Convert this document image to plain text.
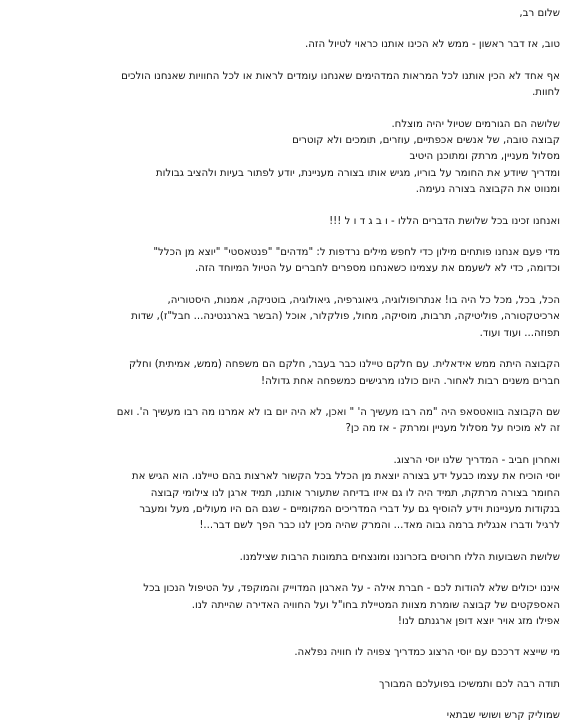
שלום רב,
טוב, אז דבר ראשון - ממש לא הכינו אותנו כראוי לטיול הזה.
אף אחד לא הכין אותנו לכל המראות המדהימים שאנחנו עומדים לראות או לכל החוויות שאנחנו הולכים
לחוות.
שלושה הם הגורמים שטיול יהיה מוצלח.
קבוצה טובה, של אנשים אכפתיים, עוזרים, תומכים ולא קוטרים
מסלול מעניין, מרתק ומתוכנן היטיב
ומדריך שיודע את החומר על בוריו, מגיש אותו בצורה מעניינת, יודע לפתור בעיות ולהציב גבולות
ומנווט את הקבוצה בצורה נעימה.
ואנחנו זכינו בכל שלושת הדברים הללו - ו ב ג ד ו ל !!!
מדי פעם אנחנו פותחים מילון כדי לחפש מילים נרדפות ל: "מדהים" "פנטאסטי" "יוצא מן הכלל"
וכדומה, כדי לא לשעמם את עצמינו כשאנחנו מספרים לחברים על הטיול המיוחד הזה.
הכל, בכל, מכל כל היה בו! אנתרופולוגיה, גיאוגרפיה, גיאולוגיה, בוטניקה, אמנות, היסטוריה,
ארכיטקטורה, פוליטיקה, תרבות, מוסיקה, מחול, פולקלור, אוכל (הבשר בארגנטינה... חבל"ז), שדות
תפוזה... ועוד ועוד.
הקבוצה היתה ממש אידאלית. עם חלקם טיילנו כבר בעבר, חלקם הם משפחה (ממש, אמיתית) וחלק
חברים משנים רבות לאחור. היום כולנו מרגישים כמשפחה אחת גדולה!
שם הקבוצה בוואטסאפ היה "מה רבו מעשיך ה' " ואכן, לא היה יום בו לא אמרנו מה רבו מעשיך ה'. ואם
זה לא מוכיח על מסלול מעניין ומרתק - אז מה כן?
ואחרון חביב - המדריך שלנו יוסי הרצוג.
יוסי הוכיח את עצמו כבעל ידע בצורה יוצאת מן הכלל בכל הקשור לארצות בהם טיילנו. הוא הגיש את
החומר בצורה מרתקת, תמיד היה לו גם איזו בדיחה שתעורר אותנו, תמיד ארגן לנו צילומי קבוצה
בנקודות מעניינות וידע להוסיף גם על דברי המדריכים המקומיים - שגם הם היו מעולים, מעל ומעבר
לרגיל ודברו אנגלית ברמה גבוה מאד... והמרק שהיה מכין לנו כבר הפך לשם דבר...!
שלושת השבועות הללו חרוטים בזכרוננו ומונצחים בתמונות הרבות שצילמנו.
איננו יכולים שלא להודות לכם - חברת אילה - על הארגון המדוייק והמוקפד, על הטיפול הנכון בכל
האספקטים של קבוצה שומרת מצוות המטיילת בחו"ל ועל החוויה האדירה שהייתה לנו.
אפילו מזג אויר יוצא דופן ארגנתם לנו!
מי שייצא דרככם עם יוסי הרצוג כמדריך צפויה לו חוויה נפלאה.
תודה רבה לכם ותמשיכו בפועלכם המבורך
שמוליק קרש ושושי שבתאי
